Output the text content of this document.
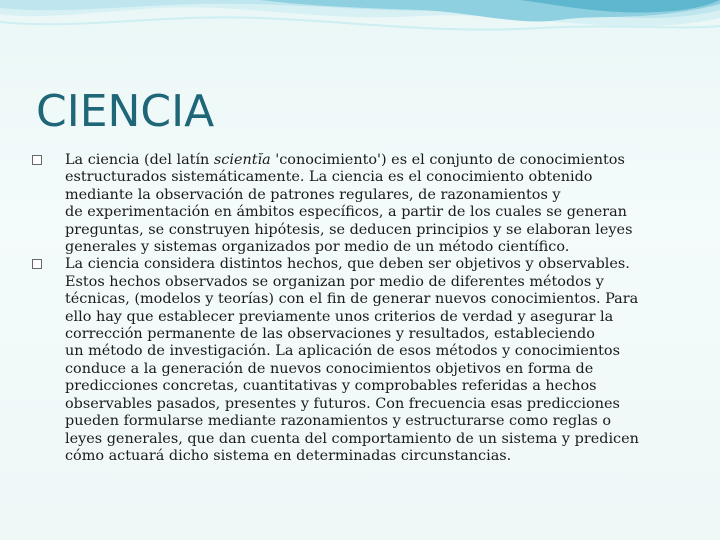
CIENCIA

La ciencia (del latín scientĭa 'conocimiento') es el conjunto de conocimientos
estructurados sistemáticamente. La ciencia es el conocimiento obtenido
mediante la observación de patrones regulares, de razonamientos y
de experimentación en ámbitos específicos, a partir de los cuales se generan
preguntas, se construyen hipótesis, se deducen principios y se elaboran leyes
generales y sistemas organizados por medio de un método científico.

La ciencia considera distintos hechos, que deben ser objetivos y observables.
Estos hechos observados se organizan por medio de diferentes métodos y
técnicas, (modelos y teorías) con el fin de generar nuevos conocimientos. Para
ello hay que establecer previamente unos criterios de verdad y asegurar la
corrección permanente de las observaciones y resultados, estableciendo
un método de investigación. La aplicación de esos métodos y conocimientos
conduce a la generación de nuevos conocimientos objetivos en forma de
predicciones concretas, cuantitativas y comprobables referidas a hechos
observables pasados, presentes y futuros. Con frecuencia esas predicciones
pueden formularse mediante razonamientos y estructurarse como reglas o
leyes generales, que dan cuenta del comportamiento de un sistema y predicen
cómo actuará dicho sistema en determinadas circunstancias.
